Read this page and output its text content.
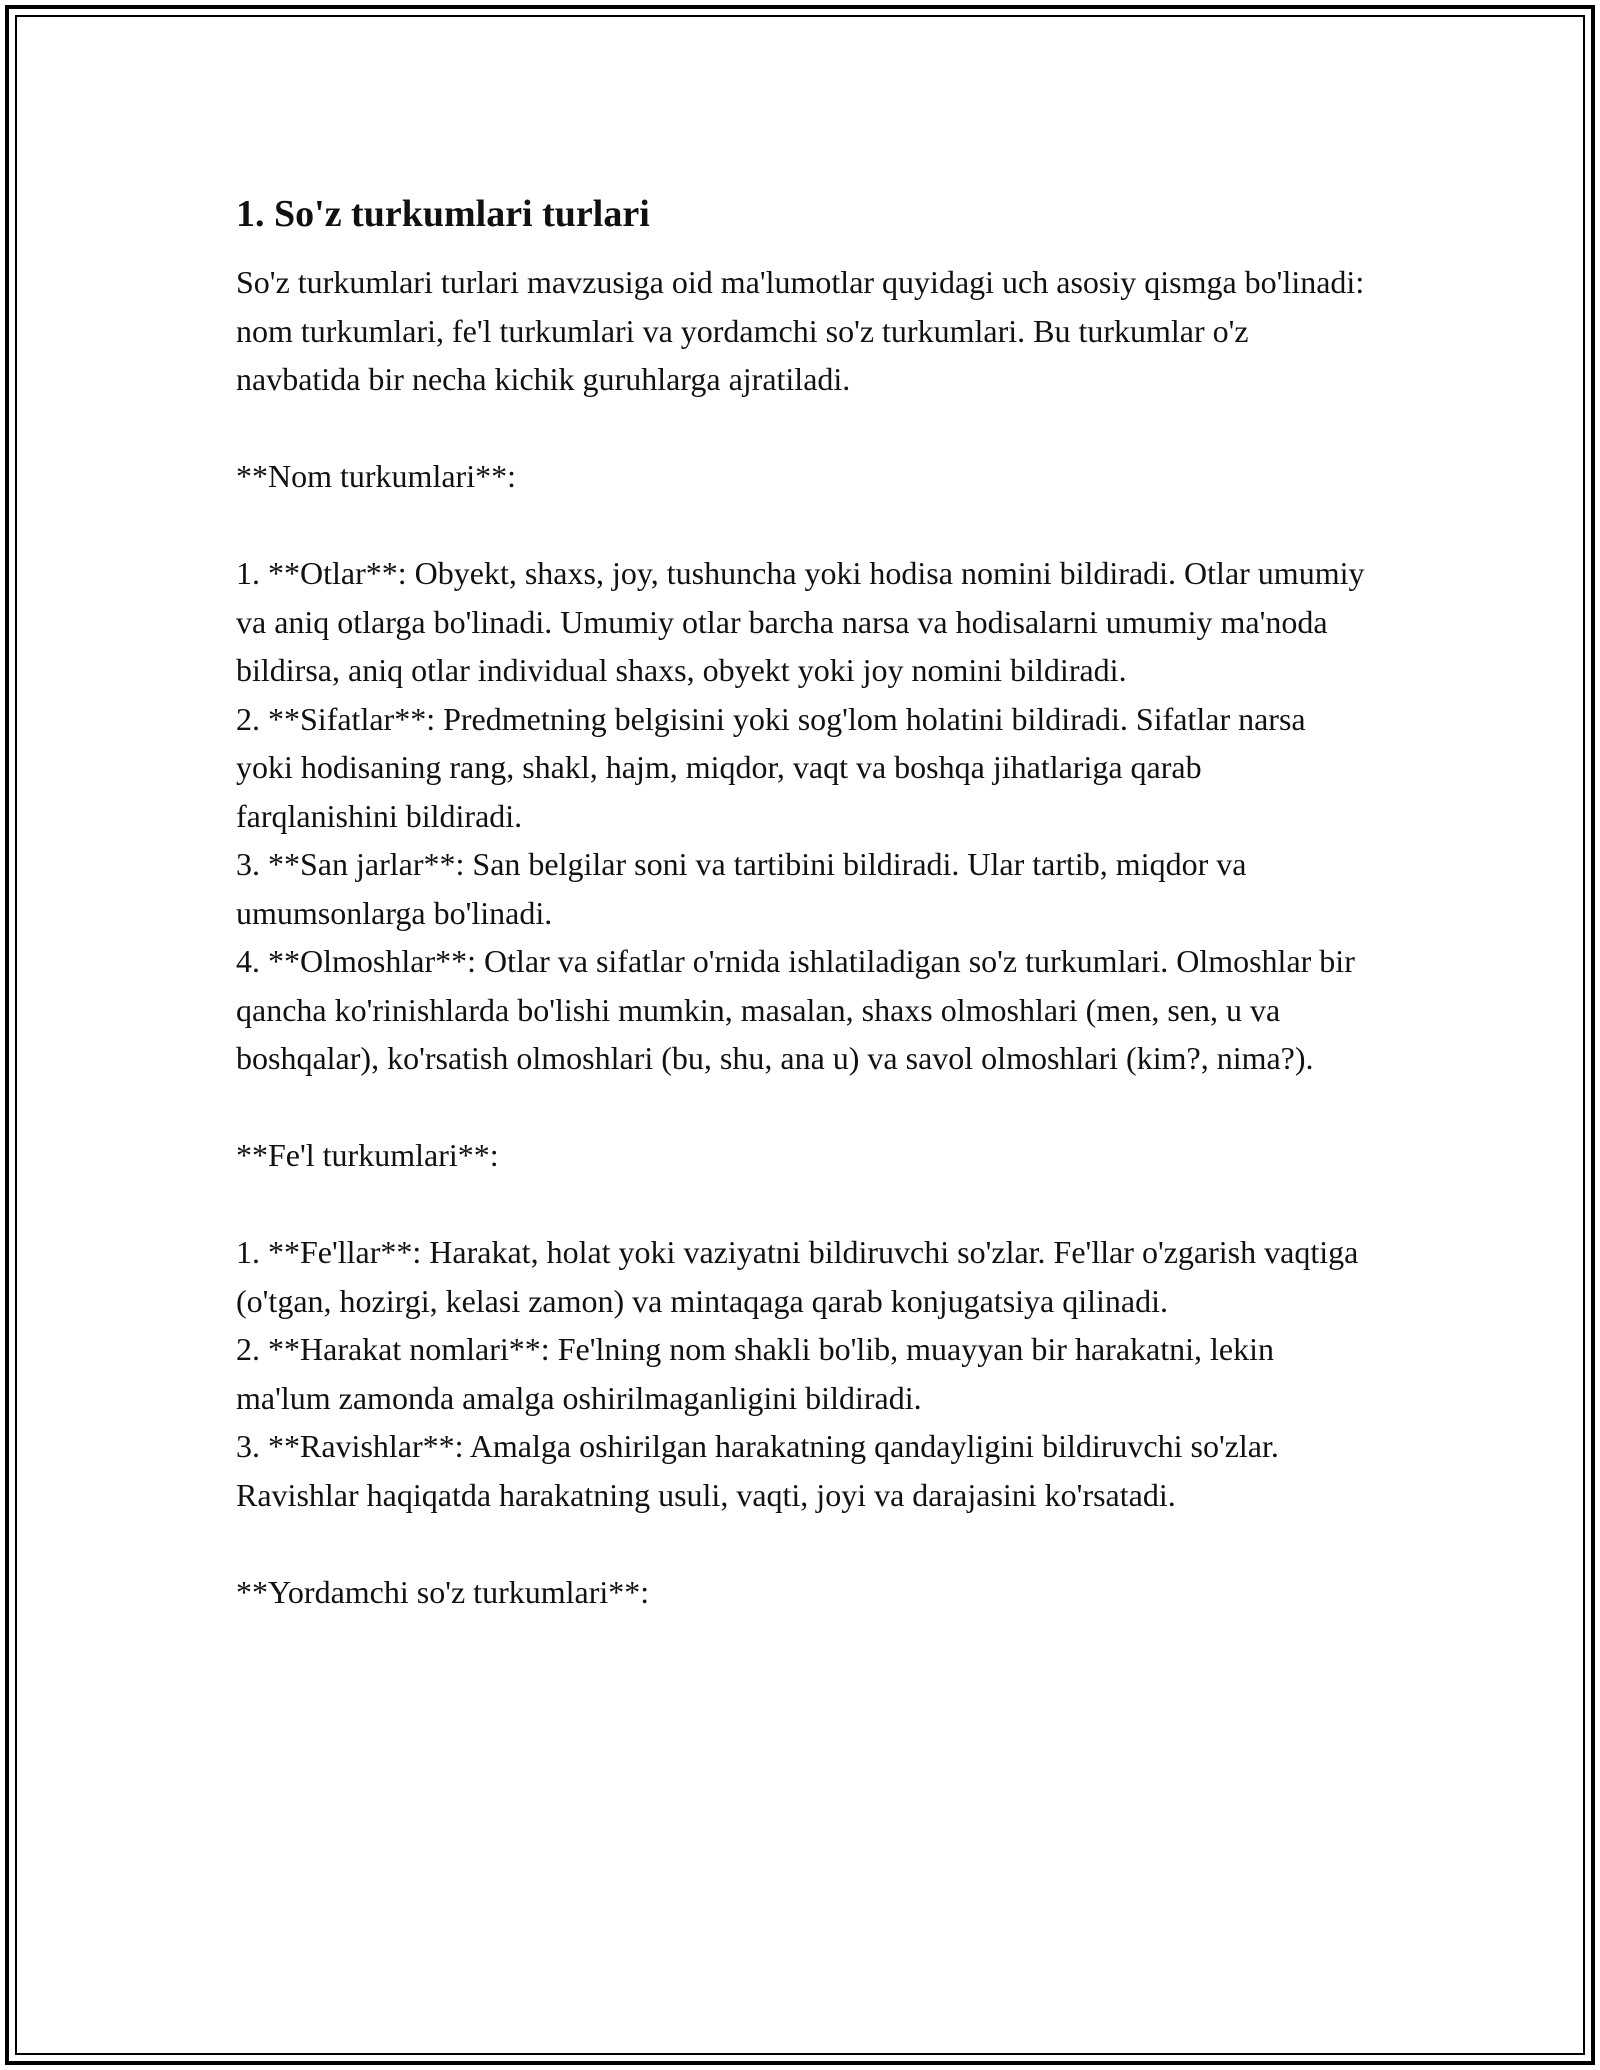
1. So'z turkumlari turlari

So'z turkumlari turlari mavzusiga oid ma'lumotlar quyidagi uch asosiy qismga bo'linadi: nom turkumlari, fe'l turkumlari va yordamchi so'z turkumlari. Bu turkumlar o'z navbatida bir necha kichik guruhlarga ajratiladi.

**Nom turkumlari**:

1. **Otlar**: Obyekt, shaxs, joy, tushuncha yoki hodisa nomini bildiradi. Otlar umumiy va aniq otlarga bo'linadi. Umumiy otlar barcha narsa va hodisalarni umumiy ma'noda bildirsa, aniq otlar individual shaxs, obyekt yoki joy nomini bildiradi.

2. **Sifatlar**: Predmetning belgisini yoki sog'lom holatini bildiradi. Sifatlar narsa yoki hodisaning rang, shakl, hajm, miqdor, vaqt va boshqa jihatlariga qarab farqlanishini bildiradi.

3. **San jarlar**: San belgilar soni va tartibini bildiradi. Ular tartib, miqdor va umumsonlarga bo'linadi.

4. **Olmoshlar**: Otlar va sifatlar o'rnida ishlatiladigan so'z turkumlari. Olmoshlar bir qancha ko'rinishlarda bo'lishi mumkin, masalan, shaxs olmoshlari (men, sen, u va boshqalar), ko'rsatish olmoshlari (bu, shu, ana u) va savol olmoshlari (kim?, nima?).

**Fe'l turkumlari**:

1. **Fe'llar**: Harakat, holat yoki vaziyatni bildiruvchi so'zlar. Fe'llar o'zgarish vaqtiga (o'tgan, hozirgi, kelasi zamon) va mintaqaga qarab konjugatsiya qilinadi.

2. **Harakat nomlari**: Fe'lning nom shakli bo'lib, muayyan bir harakatni, lekin ma'lum zamonda amalga oshirilmaganligini bildiradi.

3. **Ravishlar**: Amalga oshirilgan harakatning qandayligini bildiruvchi so'zlar. Ravishlar haqiqatda harakatning usuli, vaqti, joyi va darajasini ko'rsatadi.

**Yordamchi so'z turkumlari**:
